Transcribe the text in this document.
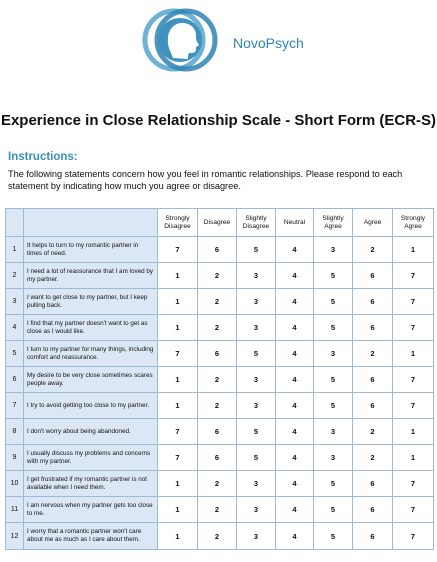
NovoPsych
Experience in Close Relationship Scale - Short Form (ECR-S)
Instructions:
The following statements concern how you feel in romantic relationships. Please respond to each statement by indicating how much you agree or disagree.
		Strongly Disagree	Disagree	Slightly Disagree	Neutral	Slightly Agree	Agree	Strongly Agree
1	It helps to turn to my romantic partner in times of need.	7	6	5	4	3	2	1
2	I need a lot of reassurance that I am loved by my partner.	1	2	3	4	5	6	7
3	I want to get close to my partner, but I keep pulling back.	1	2	3	4	5	6	7
4	I find that my partner doesn't want to get as close as I would like.	1	2	3	4	5	6	7
5	I turn to my partner for many things, including comfort and reassurance.	7	6	5	4	3	2	1
6	My desire to be very close sometimes scares people away.	1	2	3	4	5	6	7
7	I try to avoid getting too close to my partner.	1	2	3	4	5	6	7
8	I don't worry about being abandoned.	7	6	5	4	3	2	1
9	I usually discuss my problems and concerns with my partner.	7	6	5	4	3	2	1
10	I get frustrated if my romantic partner is not available when I need them.	1	2	3	4	5	6	7
11	I am nervous when my partner gets too close to me.	1	2	3	4	5	6	7
12	I worry that a romantic partner won't care about me as much as I care about them.	1	2	3	4	5	6	7
